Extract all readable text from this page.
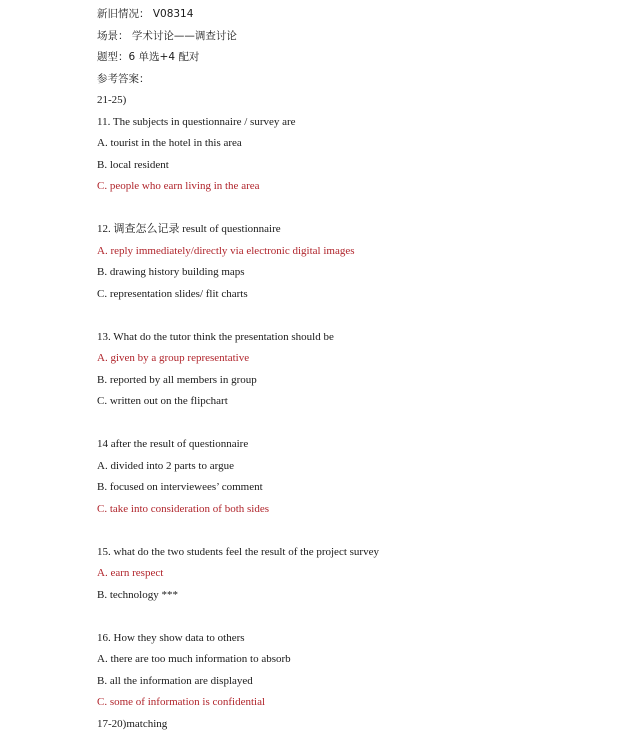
新旧情况： V08314
场景： 学术讨论——调查讨论
题型：6 单选+4 配对
参考答案：
21-25)
11. The subjects in questionnaire / survey are
A. tourist in the hotel in this area
B. local resident
C. people who earn living in the area
12. 调查怎么记录 result of questionnaire
A. reply immediately/directly via electronic digital images
B. drawing history building maps
C. representation slides/ flit charts
13. What do the tutor think the presentation should be
A. given by a group representative
B. reported by all members in group
C. written out on the flipchart
14 after the result of questionnaire
A. divided into 2 parts to argue
B. focused on interviewees’ comment
C. take into consideration of both sides
15. what do the two students feel the result of the project survey
A. earn respect
B. technology ***
16. How they show data to others
A. there are too much information to absorb
B. all the information are displayed
C. some of information is confidential
17-20)matching
